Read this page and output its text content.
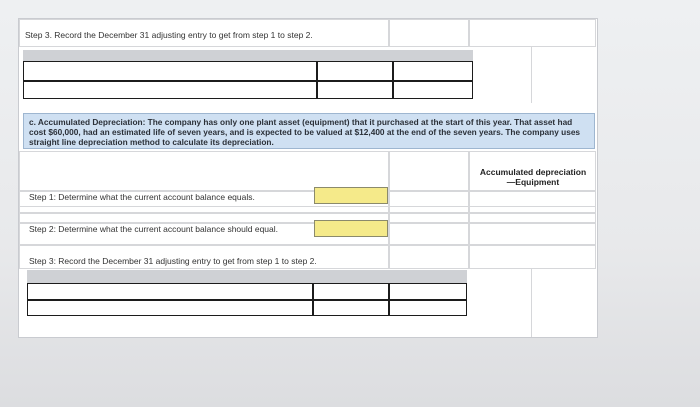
Step 3. Record the December 31 adjusting entry to get from step 1 to step 2.
c. Accumulated Depreciation: The company has only one plant asset (equipment) that it purchased at the start of this year. That asset had cost $60,000, had an estimated life of seven years, and is expected to be valued at $12,400 at the end of the seven years. The company uses straight line depreciation method to calculate its depreciation.
Accumulated depreciation
—Equipment
Step 1: Determine what the current account balance equals.
Step 2: Determine what the current account balance should equal.
Step 3: Record the December 31 adjusting entry to get from step 1 to step 2.
